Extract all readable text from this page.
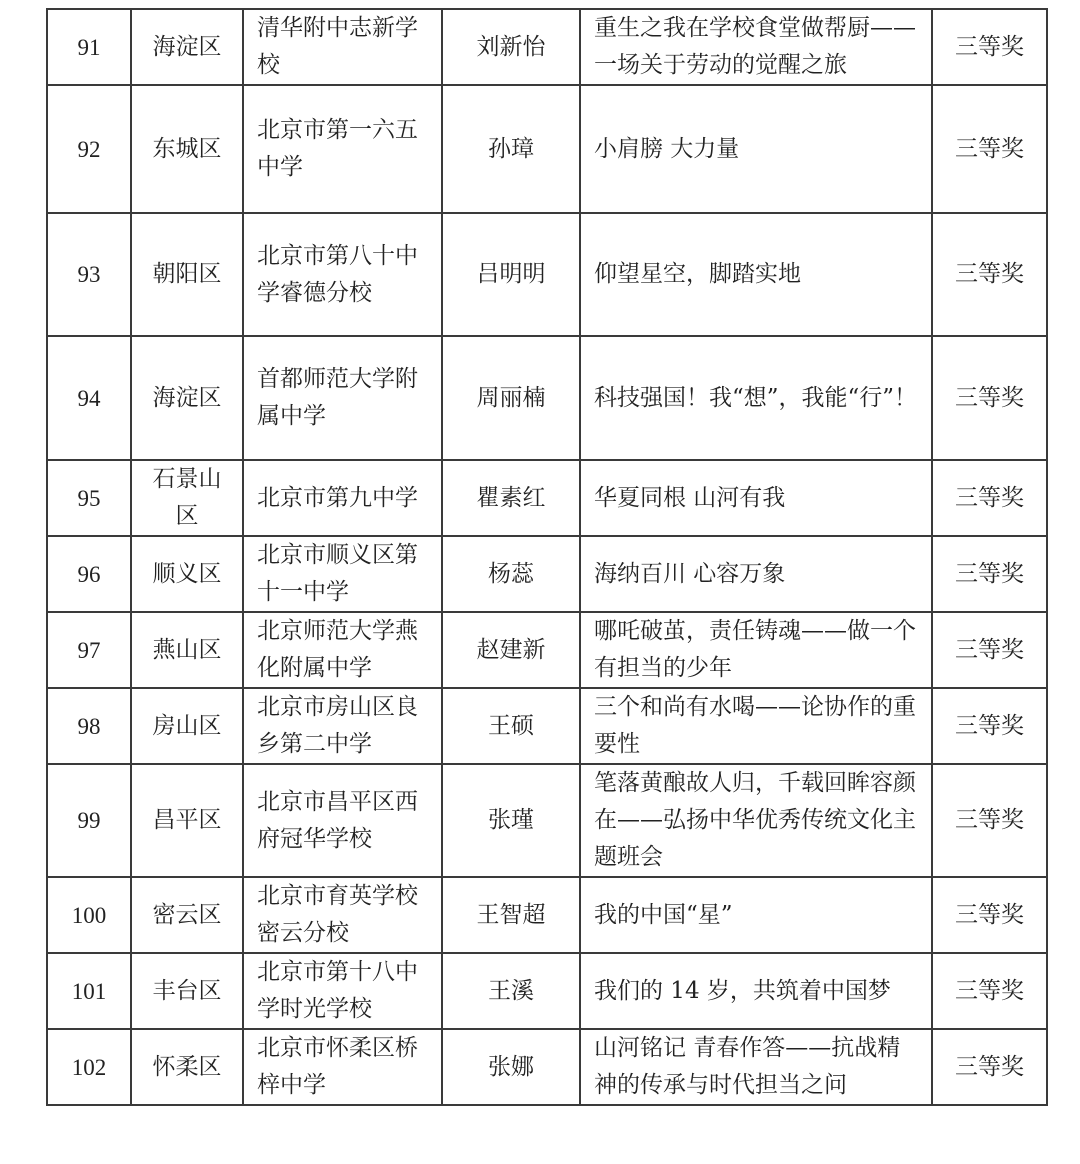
91	海淀区	清华附中志新学校	刘新怡	重生之我在学校食堂做帮厨——一场关于劳动的觉醒之旅	三等奖
92	东城区	北京市第一六五中学	孙璋	小肩膀 大力量	三等奖
93	朝阳区	北京市第八十中学睿德分校	吕明明	仰望星空，脚踏实地	三等奖
94	海淀区	首都师范大学附属中学	周丽楠	科技强国！我“想”，我能“行”！	三等奖
95	石景山区	北京市第九中学	瞿素红	华夏同根 山河有我	三等奖
96	顺义区	北京市顺义区第十一中学	杨蕊	海纳百川 心容万象	三等奖
97	燕山区	北京师范大学燕化附属中学	赵建新	哪吒破茧，责任铸魂——做一个有担当的少年	三等奖
98	房山区	北京市房山区良乡第二中学	王硕	三个和尚有水喝——论协作的重要性	三等奖
99	昌平区	北京市昌平区西府冠华学校	张瑾	笔落黄酿故人归，千载回眸容颜在——弘扬中华优秀传统文化主题班会	三等奖
100	密云区	北京市育英学校密云分校	王智超	我的中国“星”	三等奖
101	丰台区	北京市第十八中学时光学校	王溪	我们的 14 岁，共筑着中国梦	三等奖
102	怀柔区	北京市怀柔区桥梓中学	张娜	山河铭记 青春作答——抗战精神的传承与时代担当之问	三等奖
